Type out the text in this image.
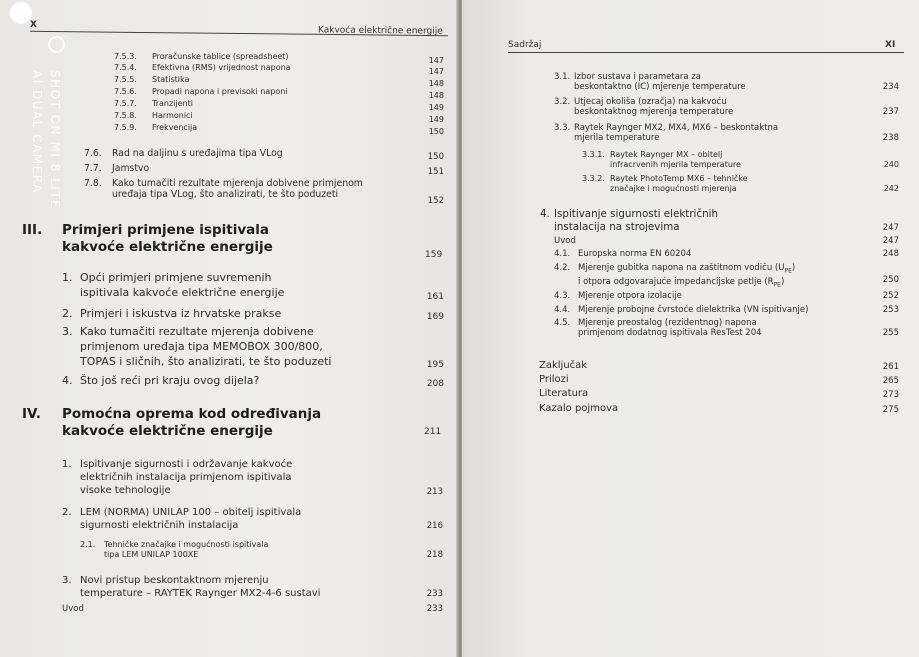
X
Kakvoća električne energije
7.5.3.	Proračunske tablice (spreadsheet)	147
7.5.4.	Efektivna (RMS) vrijednost napona	147
7.5.5.	Statistika	148
7.5.6.	Propadi napona i previsoki naponi	148
7.5.7.	Tranzijenti	149
7.5.8.	Harmonici	149
7.5.9.	Frekvencija	150
7.6.	Rad na daljinu s uređajima tipa VLog	150
7.7.	Jamstvo	151
7.8.	Kako tumačiti rezultate mjerenja dobivene primjenom
uređaja tipa VLog, što analizirati, te što poduzeti
152
III. Primjeri primjene ispitivala
kakvoće električne energije	159
1. Opći primjeri primjene suvremenih
ispitivala kakvoće električne energije	161
2. Primjeri i iskustva iz hrvatske prakse	169
3. Kako tumačiti rezultate mjerenja dobivene
primjenom uređaja tipa MEMOBOX 300/800,
TOPAS i sličnih, što analizirati, te što poduzeti	195
4. Što još reći pri kraju ovog dijela?	208
IV. Pomoćna oprema kod određivanja
kakvoće električne energije	211
1. Ispitivanje sigurnosti i održavanje kakvoće
električnih instalacija primjenom ispitivala
visoke tehnologije	213
2. LEM (NORMA) UNILAP 100 – obitelj ispitivala
sigurnosti električnih instalacija	216
2.1.	Tehničke značajke i mogućnosti ispitivala
tipa LEM UNILAP 100XE	218
3. Novi pristup beskontaktnom mjerenju
temperature – RAYTEK Raynger MX2-4-6 sustavi	233
Uvod	233
SHOT ON MI 8 LITE
AI DUAL CAMERA
Sadržaj	XI
3.1. Izbor sustava i parametara za
beskontaktno (IC) mjerenje temperature	234
3.2. Utjecaj okoliša (ozračja) na kakvoću
beskontaktnog mjerenja temperature	237
3.3. Raytek Raynger MX2, MX4, MX6 – beskontaktna
mjerila temperature	238
3.3.1. Raytek Raynger MX – obitelj
infracrvenih mjerila temperature	240
3.3.2. Raytek PhotoTemp MX6 – tehničke
značajke i mogućnosti mjerenja	242
4. Ispitivanje sigurnosti električnih
instalacija na strojevima	247
Uvod	247
4.1. Europska norma EN 60204	248
4.2. Mjerenje gubitka napona na zaštitnom vodiču $(U_{PE})$
i otpora odgovarajuće impedancijske petlje $(R_{PE})$	250
4.3. Mjerenje otpora izolacije	252
4.4. Mjerenje probojne čvrstoće dielektrika (VN ispitivanje)	253
4.5. Mjerenje preostalog (rezidentnog) napona
primjenom dodatnog ispitivala ResTest 204	255
Zaključak	261
Prilozi	265
Literatura	273
Kazalo pojmova	275
